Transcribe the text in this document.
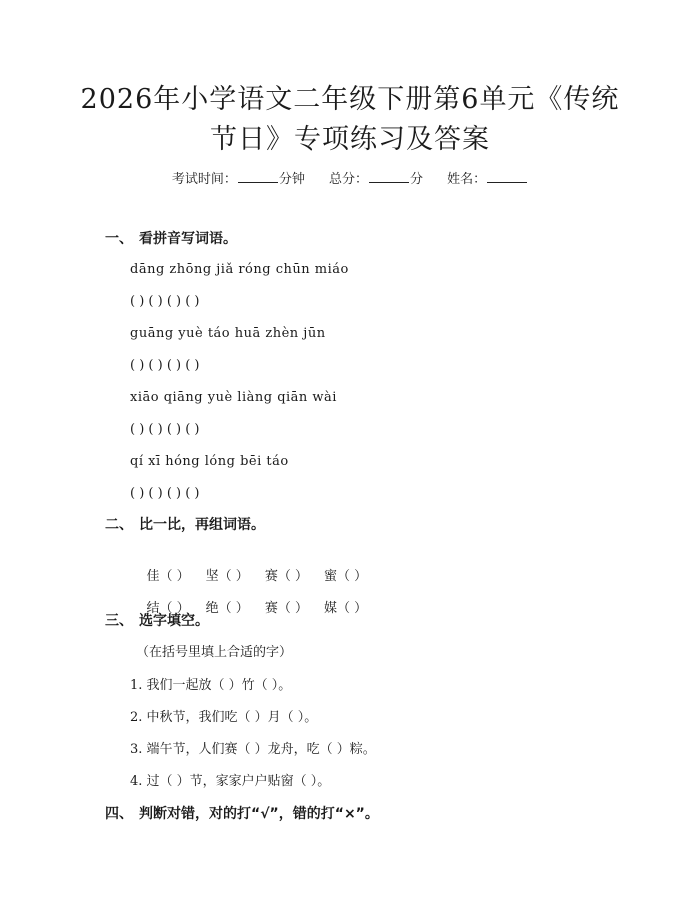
2026年小学语文二年级下册第6单元《传统
节日》专项练习及答案
考试时间：	分钟 总分：	分 姓名：
一、 看拼音写词语。
dāng zhōng jiǎ róng chūn miáo
( ) ( ) ( ) ( )
guāng yuè táo huā zhèn jūn
( ) ( ) ( ) ( )
xiāo qiāng yuè liàng qiān wài
( ) ( ) ( ) ( )
qí xī hóng lóng bēi táo
( ) ( ) ( ) ( )
二、 比一比，再组词语。

佳（ ） 坚（ ） 赛（ ） 蜜（ ）

结（ ） 绝（ ） 赛（ ） 媒（ ）

三、 选字填空。
（在括号里填上合适的字）
1. 我们一起放（ ）竹（ ）。
2. 中秋节，我们吃（ ）月（ ）。
3. 端午节，人们赛（ ）龙舟，吃（ ）粽。
4. 过（ ）节，家家户户贴窗（ ）。
四、 判断对错，对的打“√”，错的打“×”。
